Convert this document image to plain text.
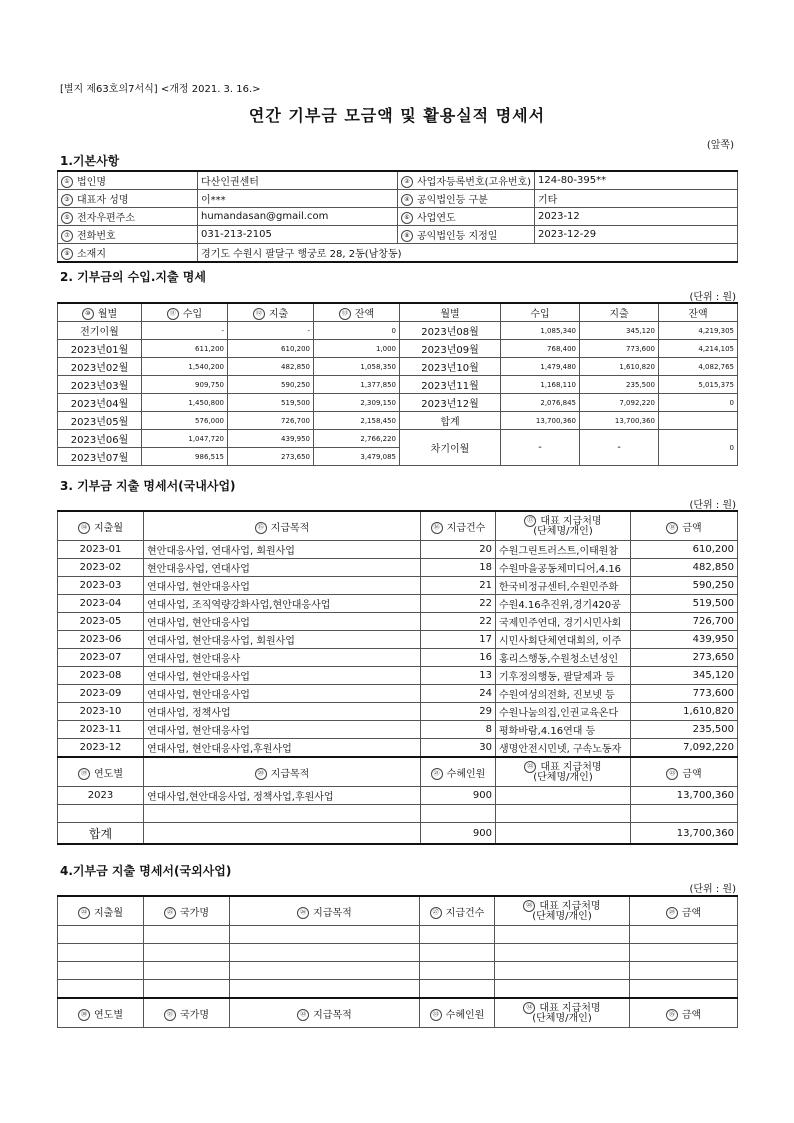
[별지 제63호의7서식] <개정 2021. 3. 16.>
연간 기부금 모금액 및 활용실적 명세서
(앞쪽)
1.기본사항
① 법인명	다산인권센터	② 사업자등록번호(고유번호)	124-80-395**
③ 대표자 성명	이***	④ 공익법인등 구분	기타
⑤ 전자우편주소	humandasan@gmail.com	⑥ 사업연도	2023-12
⑦ 전화번호	031-213-2105	⑧ 공익법인등 지정일	2023-12-29
⑨ 소재지	경기도 수원시 팔달구 행궁로 28, 2동(남창동)		
2. 기부금의 수입.지출 명세
(단위 : 원)
⑩ 월별	⑪ 수입	⑫ 지출	⑬ 잔액	월별	수입	지출	잔액
전기이월	-	-	0	2023년08월	1,085,340	345,120	4,219,305
2023년01월	611,200	610,200	1,000	2023년09월	768,400	773,600	4,214,105
2023년02월	1,540,200	482,850	1,058,350	2023년10월	1,479,480	1,610,820	4,082,765
2023년03월	909,750	590,250	1,377,850	2023년11월	1,168,110	235,500	5,015,375
2023년04월	1,450,800	519,500	2,309,150	2023년12월	2,076,845	7,092,220	0
2023년05월	576,000	726,700	2,158,450	합계	13,700,360	13,700,360	
2023년06월	1,047,720	439,950	2,766,220	차기이월	-	-	0
2023년07월	986,515	273,650	3,479,085				
3. 기부금 지출 명세서(국내사업)
(단위 : 원)
⑭ 지출월	⑮ 지급목적	⑯ 지급건수	⑰ 대표 지급처명
(단체명/개인)	⑱ 금액
2023-01	현안대응사업, 연대사업, 회원사업	20	수원그린트러스트,이태원참	610,200
2023-02	현안대응사업, 연대사업	18	수원마을공동체미디어,4.16	482,850
2023-03	연대사업, 현안대응사업	21	한국비정규센터,수원민주화	590,250
2023-04	연대사업, 조직역량강화사업,현안대응사업	22	수원4.16추진위,경기420공	519,500
2023-05	연대사업, 현안대응사업	22	국제민주연대, 경기시민사회	726,700
2023-06	연대사업, 현안대응사업, 회원사업	17	시민사회단체연대회의, 이주	439,950
2023-07	연대사업, 현안대응사	16	홍리스행동,수원청소년성인	273,650
2023-08	연대사업, 현안대응사업	13	기후정의행동, 팔달제과 등	345,120
2023-09	연대사업, 현안대응사업	24	수원여성의전화, 진보넷 등	773,600
2023-10	연대사업, 정책사업	29	수원나눔의집,인권교육온다	1,610,820
2023-11	연대사업, 현안대응사업	8	평화바람,4.16연대 등	235,500
2023-12	연대사업, 현안대응사업,후원사업	30	생명안전시민넷, 구속노동자	7,092,220
⑲ 연도별	⑳ 지급목적	㉑ 수혜인원	㉒ 대표 지급처명
(단체명/개인)	㉓ 금액
2023	연대사업,현안대응사업, 정책사업,후원사업	900		13,700,360

합계		900		13,700,360
4.기부금 지출 명세서(국외사업)
(단위 : 원)
㉔ 지출월	㉕ 국가명	㉖ 지급목적	㉗ 지급건수	㉘ 대표 지급처명
(단체명/개인)	㉙ 금액

㉚ 연도별	㉛ 국가명	㉜ 지급목적	㉝ 수혜인원	㉞ 대표 지급처명
(단체명/개인)	㉟ 금액
